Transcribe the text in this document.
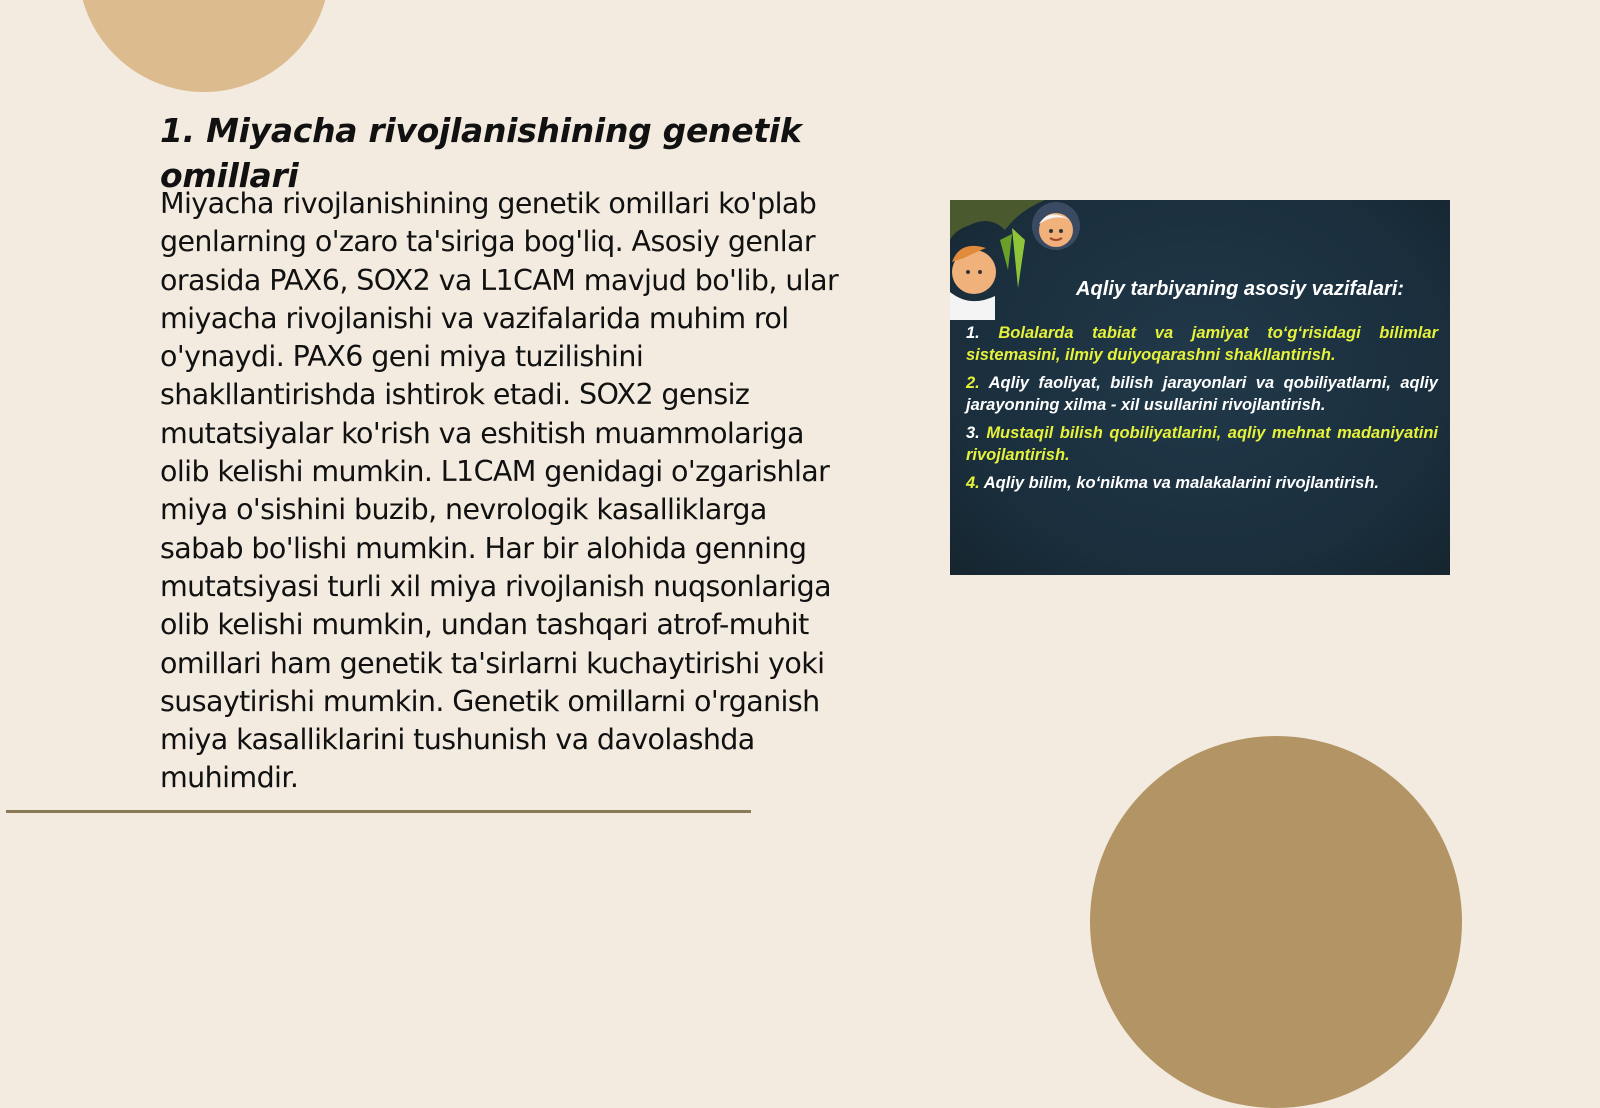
1. Miyacha rivojlanishining genetik omillari

Miyacha rivojlanishining genetik omillari ko'plab genlarning o'zaro ta'siriga bog'liq. Asosiy genlar orasida PAX6, SOX2 va L1CAM mavjud bo'lib, ular miyacha rivojlanishi va vazifalarida muhim rol o'ynaydi. PAX6 geni miya tuzilishini shakllantirishda ishtirok etadi. SOX2 gensiz mutatsiyalar ko'rish va eshitish muammolariga olib kelishi mumkin. L1CAM genidagi o'zgarishlar miya o'sishini buzib, nevrologik kasalliklarga sabab bo'lishi mumkin. Har bir alohida genning mutatsiyasi turli xil miya rivojlanish nuqsonlariga olib kelishi mumkin, undan tashqari atrof-muhit omillari ham genetik ta'sirlarni kuchaytirishi yoki susaytirishi mumkin. Genetik omillarni o'rganish miya kasalliklarini tushunish va davolashda muhimdir.

Aqliy tarbiyaning asosiy vazifalari:
1. Bolalarda tabiat va jamiyat to‘g‘risidagi bilimlar sistemasini, ilmiy duiyoqarashni shakllantirish.
2. Aqliy faoliyat, bilish jarayonlari va qobiliyatlarni, aqliy jarayonning xilma - xil usullarini rivojlantirish.
3. Mustaqil bilish qobiliyatlarini, aqliy mehnat madaniyatini rivojlantirish.
4. Aqliy bilim, ko‘nikma va malakalarini rivojlantirish.
